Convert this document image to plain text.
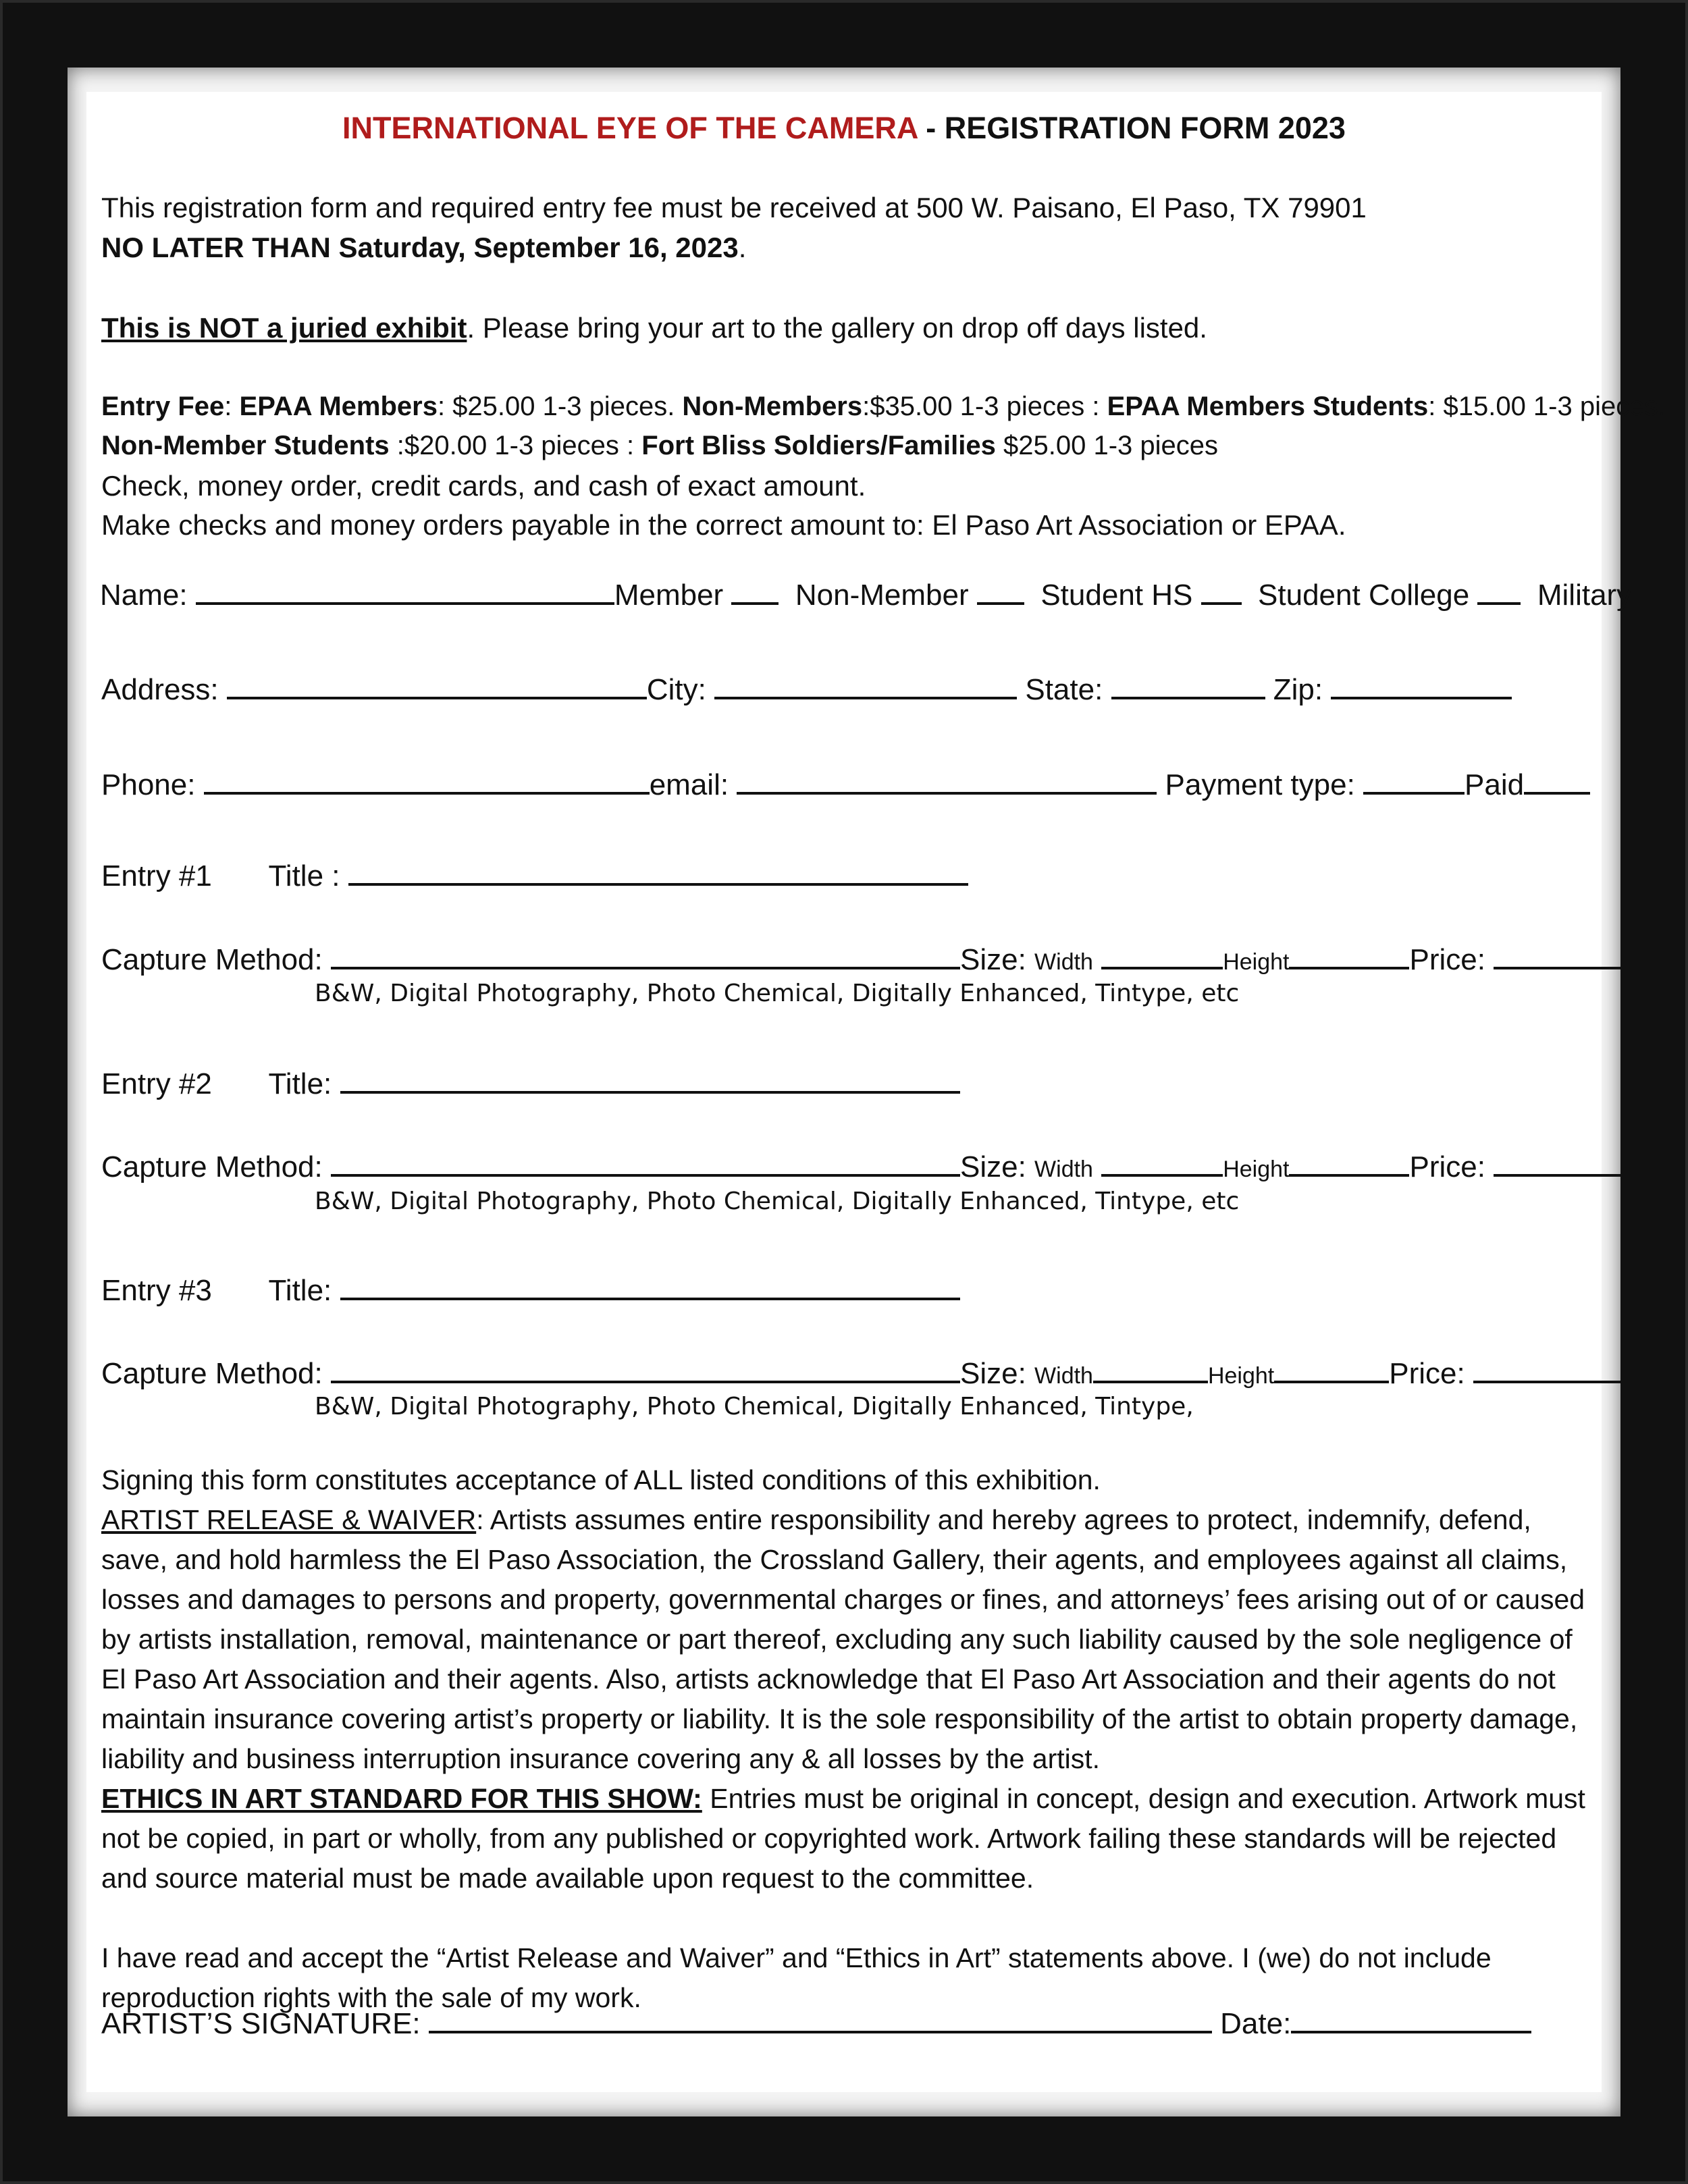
INTERNATIONAL EYE OF THE CAMERA - REGISTRATION FORM 2023
This registration form and required entry fee must be received at 500 W. Paisano, El Paso, TX 79901
NO LATER THAN Saturday, September 16, 2023.
This is NOT a juried exhibit. Please bring your art to the gallery on drop off days listed.
Entry Fee: EPAA Members: $25.00 1-3 pieces. Non-Members:$35.00 1-3 pieces : EPAA Members Students: $15.00 1-3 pieces.
Non-Member Students :$20.00 1-3 pieces : Fort Bliss Soldiers/Families $25.00 1-3 pieces
Check, money order, credit cards, and cash of exact amount.
Make checks and money orders payable in the correct amount to: El Paso Art Association or EPAA.
Name:	Member Non-Member Student HS Student College Military
Address:	City:	State:	Zip:
Phone:	email:	Payment type:	Paid
Entry #1 Title :
Capture Method:	Size: Width	Height	Price:
B&W, Digital Photography, Photo Chemical, Digitally Enhanced, Tintype, etc
Entry #2 Title:
Capture Method:	Size: Width	Height	Price:
B&W, Digital Photography, Photo Chemical, Digitally Enhanced, Tintype, etc
Entry #3 Title:
Capture Method:	Size: Width	Height	Price:
B&W, Digital Photography, Photo Chemical, Digitally Enhanced, Tintype,
Signing this form constitutes acceptance of ALL listed conditions of this exhibition.
ARTIST RELEASE & WAIVER: Artists assumes entire responsibility and hereby agrees to protect, indemnify, defend, save, and hold harmless the El Paso Association, the Crossland Gallery, their agents, and employees against all claims, losses and damages to persons and property, governmental charges or fines, and attorneys’ fees arising out of or caused by artists installation, removal, maintenance or part thereof, excluding any such liability caused by the sole negligence of El Paso Art Association and their agents. Also, artists acknowledge that El Paso Art Association and their agents do not maintain insurance covering artist’s property or liability. It is the sole responsibility of the artist to obtain property damage, liability and business interruption insurance covering any & all losses by the artist.
ETHICS IN ART STANDARD FOR THIS SHOW: Entries must be original in concept, design and execution. Artwork must not be copied, in part or wholly, from any published or copyrighted work. Artwork failing these standards will be rejected and source material must be made available upon request to the committee.
I have read and accept the “Artist Release and Waiver” and “Ethics in Art” statements above. I (we) do not include reproduction rights with the sale of my work.
ARTIST’S SIGNATURE:	Date:
